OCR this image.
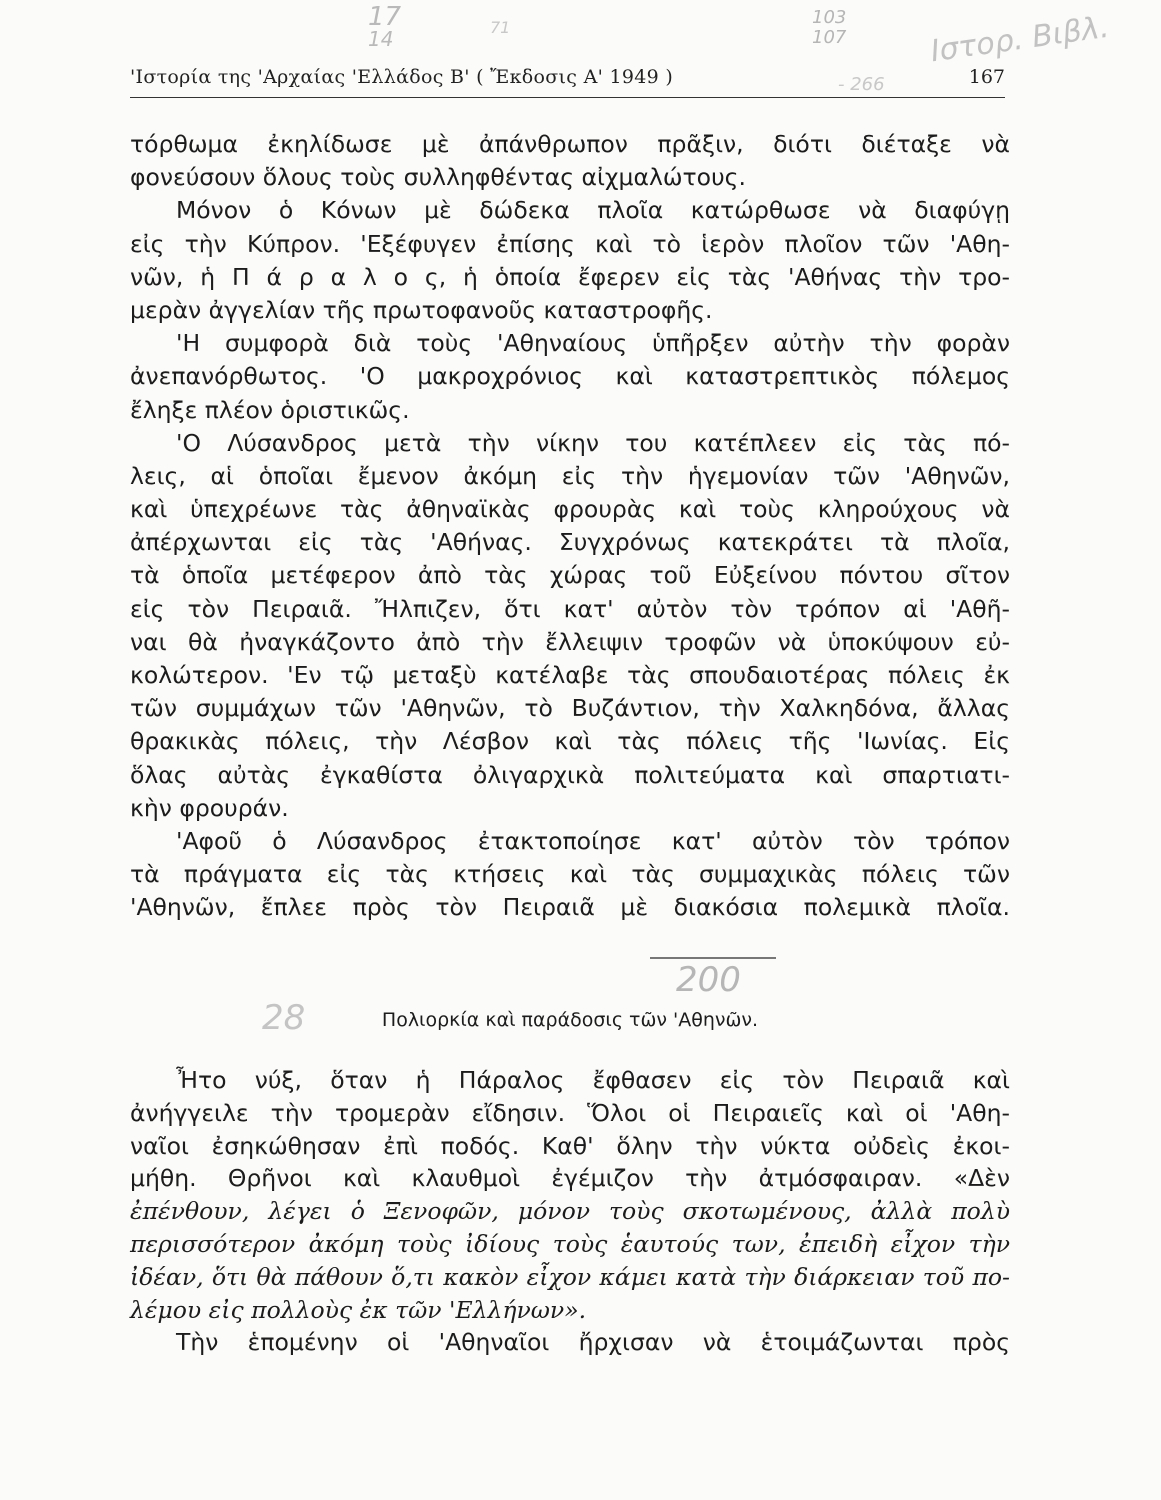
17
14	71	103
107	Ιστορ. Βιβλ.
- 266
'Ιστορία της 'Αρχαίας 'Ελλάδος Β' ( Ἔκδοσις Α' 1949 )	167
τόρθωμα ἐκηλίδωσε μὲ ἀπάνθρωπον πρᾶξιν, διότι διέταξε νὰ
φονεύσουν ὅλους τοὺς συλληφθέντας αἰχμαλώτους.
Μόνον ὁ Κόνων μὲ δώδεκα πλοῖα κατώρθωσε νὰ διαφύγῃ
εἰς τὴν Κύπρον. 'Εξέφυγεν ἐπίσης καὶ τὸ ἱερὸν πλοῖον τῶν 'Αθη-
νῶν, ἡ Π ά ρ α λ ο ς, ἡ ὁποία ἔφερεν εἰς τὰς 'Αθήνας τὴν τρο-
μερὰν ἀγγελίαν τῆς πρωτοφανοῦς καταστροφῆς.
'Η συμφορὰ διὰ τοὺς 'Αθηναίους ὑπῆρξεν αὐτὴν τὴν φορὰν
ἀνεπανόρθωτος. 'Ο μακροχρόνιος καὶ καταστρεπτικὸς πόλεμος
ἔληξε πλέον ὁριστικῶς.
'Ο Λύσανδρος μετὰ τὴν νίκην του κατέπλεεν εἰς τὰς πό-
λεις, αἱ ὁποῖαι ἔμενον ἀκόμη εἰς τὴν ἡγεμονίαν τῶν 'Αθηνῶν,
καὶ ὑπεχρέωνε τὰς ἀθηναϊκὰς φρουρὰς καὶ τοὺς κληρούχους νὰ
ἀπέρχωνται εἰς τὰς 'Αθήνας. Συγχρόνως κατεκράτει τὰ πλοῖα,
τὰ ὁποῖα μετέφερον ἀπὸ τὰς χώρας τοῦ Εὐξείνου πόντου σῖτον
εἰς τὸν Πειραιᾶ. Ἤλπιζεν, ὅτι κατ' αὐτὸν τὸν τρόπον αἱ 'Αθῆ-
ναι θὰ ἠναγκάζοντο ἀπὸ τὴν ἔλλειψιν τροφῶν νὰ ὑποκύψουν εὐ-
κολώτερον. 'Εν τῷ μεταξὺ κατέλαβε τὰς σπουδαιοτέρας πόλεις ἐκ
τῶν συμμάχων τῶν 'Αθηνῶν, τὸ Βυζάντιον, τὴν Χαλκηδόνα, ἄλλας
θρακικὰς πόλεις, τὴν Λέσβον καὶ τὰς πόλεις τῆς 'Ιωνίας. Εἰς
ὅλας αὐτὰς ἐγκαθίστα ὀλιγαρχικὰ πολιτεύματα καὶ σπαρτιατι-
κὴν φρουράν.
'Αφοῦ ὁ Λύσανδρος ἐτακτοποίησε κατ' αὐτὸν τὸν τρόπον
τὰ πράγματα εἰς τὰς κτήσεις καὶ τὰς συμμαχικὰς πόλεις τῶν
'Αθηνῶν, ἔπλεε πρὸς τὸν Πειραιᾶ μὲ διακόσια πολεμικὰ πλοῖα.
200
28	Πολιορκία καὶ παράδοσις τῶν 'Αθηνῶν.
Ἦτο νύξ, ὅταν ἡ Πάραλος ἔφθασεν εἰς τὸν Πειραιᾶ καὶ
ἀνήγγειλε τὴν τρομερὰν εἴδησιν. Ὅλοι οἱ Πειραιεῖς καὶ οἱ 'Αθη-
ναῖοι ἐσηκώθησαν ἐπὶ ποδός. Καθ' ὅλην τὴν νύκτα οὐδεὶς ἐκοι-
μήθη. Θρῆνοι καὶ κλαυθμοὶ ἐγέμιζον τὴν ἀτμόσφαιραν. «Δὲν
ἐπένθουν, λέγει ὁ Ξενοφῶν, μόνον τοὺς σκοτωμένους, ἀλλὰ πολὺ
περισσότερον ἀκόμη τοὺς ἰδίους τοὺς ἑαυτούς των, ἐπειδὴ εἶχον τὴν
ἰδέαν, ὅτι θὰ πάθουν ὅ,τι κακὸν εἶχον κάμει κατὰ τὴν διάρκειαν τοῦ πο-
λέμου εἰς πολλοὺς ἐκ τῶν 'Ελλήνων».
Τὴν ἑπομένην οἱ 'Αθηναῖοι ἤρχισαν νὰ ἑτοιμάζωνται πρὸς
